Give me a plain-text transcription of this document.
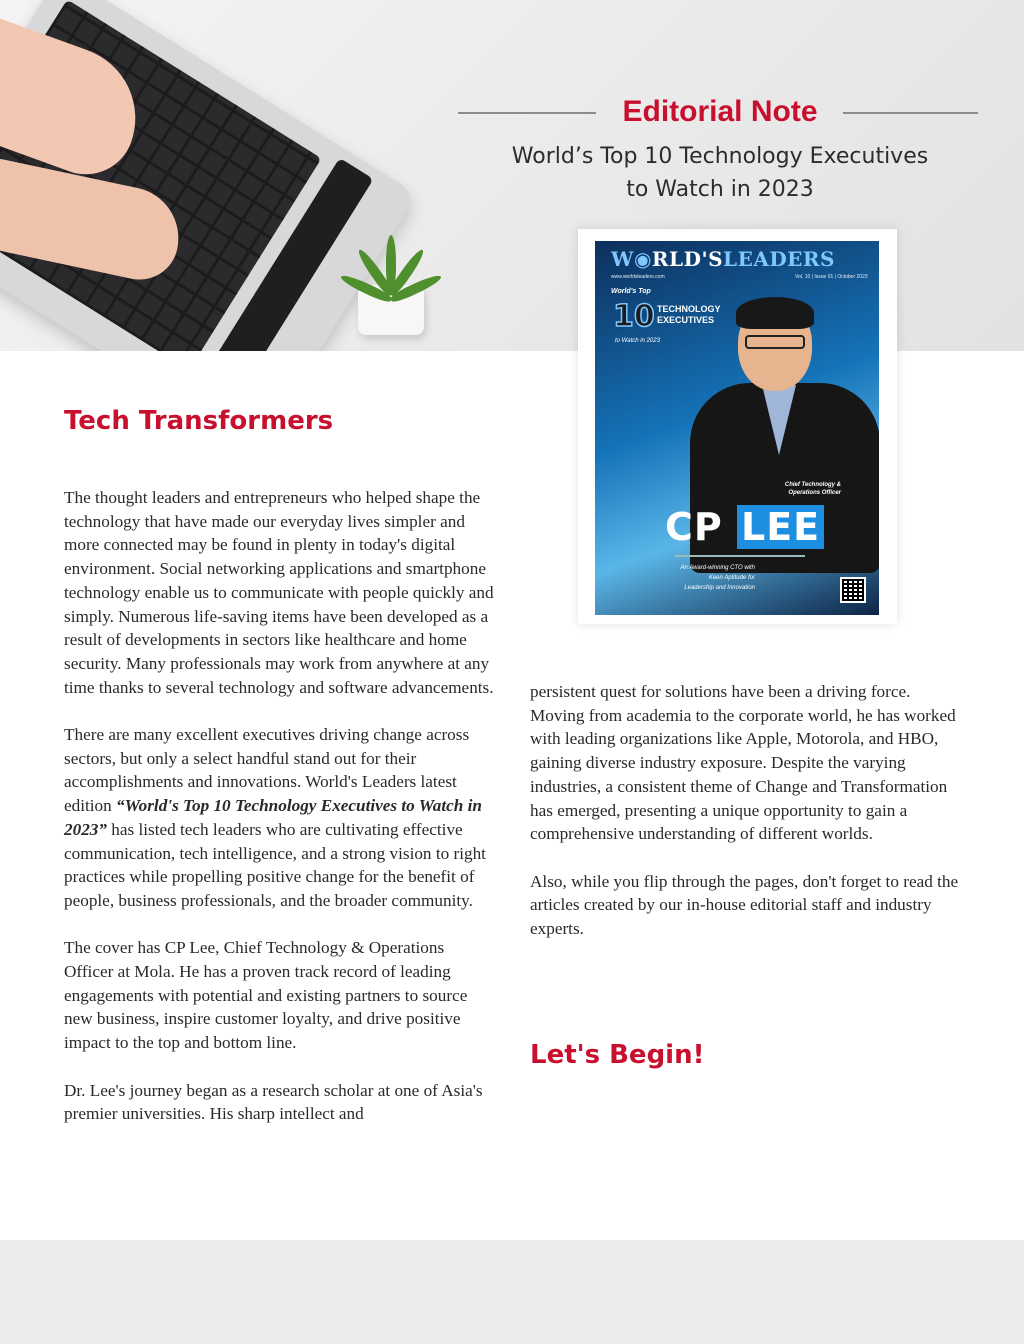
Editorial Note
World’s Top 10 Technology Executives
to Watch in 2023
W◉RLD'SLEADERS
www.worldsleaders.com	Vol. 10 | Issue 01 | October 2023
World's Top
10 TECHNOLOGY
EXECUTIVES
to Watch in 2023
Chief Technology &
Operations Officer
CP LEE
An Award-winning CTO with
Keen Aptitude for
Leadership and Innovation
Tech Transformers

The thought leaders and entrepreneurs who helped shape the technology that have made our everyday lives simpler and more connected may be found in plenty in today's digital environment. Social networking applications and smartphone technology enable us to communicate with people quickly and simply. Numerous life-saving items have been developed as a result of developments in sectors like healthcare and home security. Many professionals may work from anywhere at any time thanks to several technology and software advancements.

There are many excellent executives driving change across sectors, but only a select handful stand out for their accomplishments and innovations. World's Leaders latest edition “World's Top 10 Technology Executives to Watch in 2023” has listed tech leaders who are cultivating effective communication, tech intelligence, and a strong vision to right practices while propelling positive change for the benefit of people, business professionals, and the broader community.

The cover has CP Lee, Chief Technology & Operations Officer at Mola. He has a proven track record of leading engagements with potential and existing partners to source new business, inspire customer loyalty, and drive positive impact to the top and bottom line.

Dr. Lee's journey began as a research scholar at one of Asia's premier universities. His sharp intellect and

persistent quest for solutions have been a driving force. Moving from academia to the corporate world, he has worked with leading organizations like Apple, Motorola, and HBO, gaining diverse industry exposure. Despite the varying industries, a consistent theme of Change and Transformation has emerged, presenting a unique opportunity to gain a comprehensive understanding of different worlds.

Also, while you flip through the pages, don't forget to read the articles created by our in-house editorial staff and industry experts.

Let's Begin!
